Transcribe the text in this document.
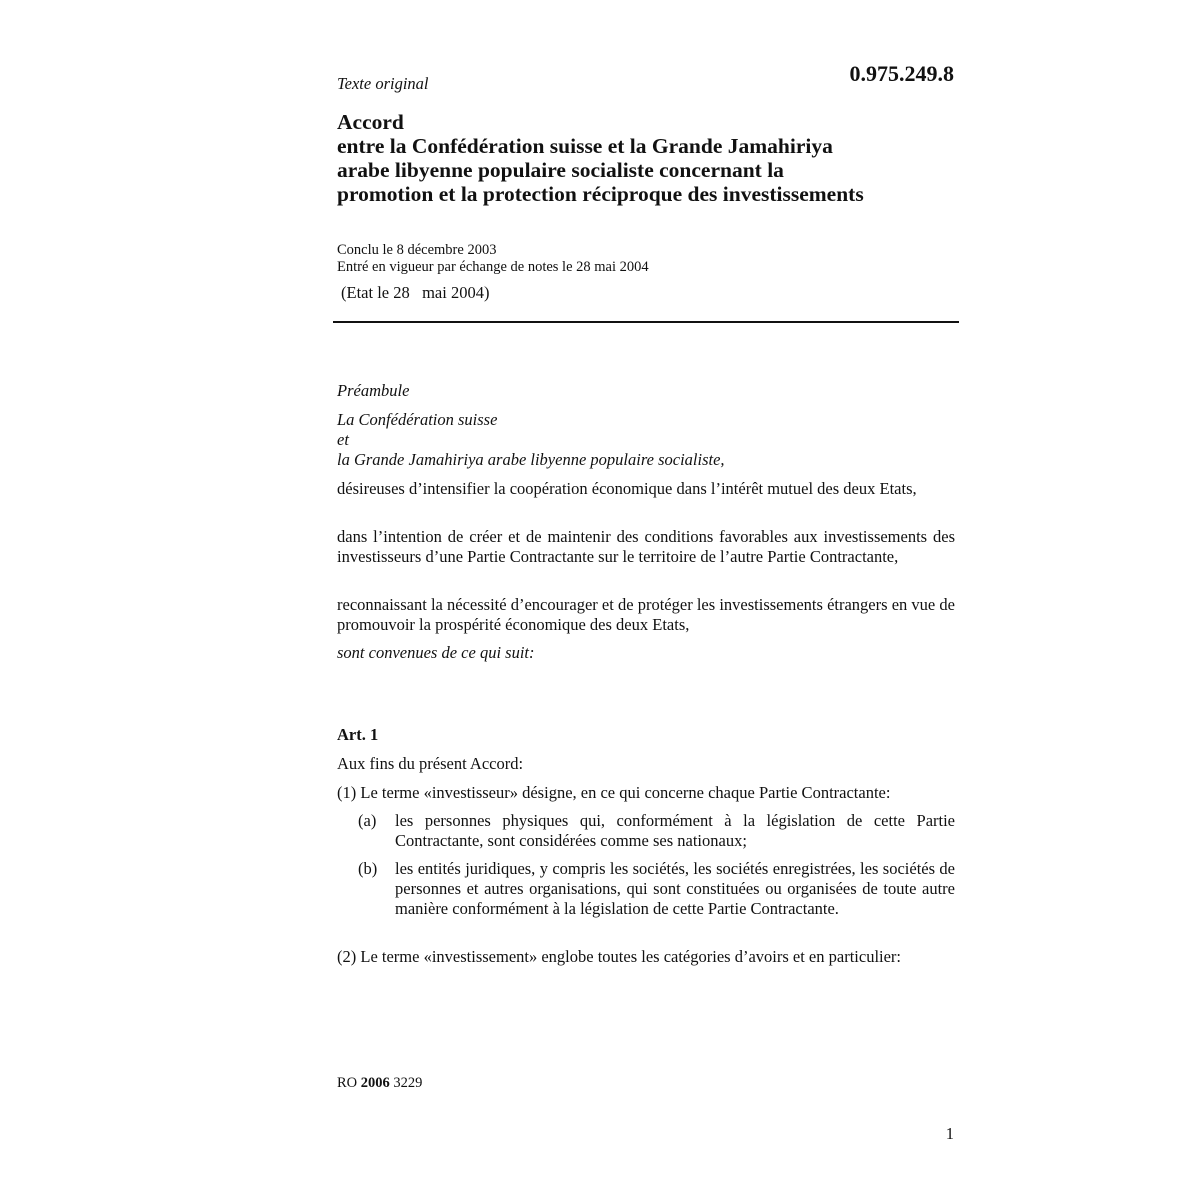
0.975.249.8
Texte original
Accord
entre la Confédération suisse et la Grande Jamahiriya
arabe libyenne populaire socialiste concernant la
promotion et la protection réciproque des investissements
Conclu le 8 décembre 2003
Entré en vigueur par échange de notes le 28 mai 2004
(Etat le 28   mai 2004)
Préambule
La Confédération suisse
et
la Grande Jamahiriya arabe libyenne populaire socialiste,
désireuses d’intensifier la coopération économique dans l’intérêt mutuel des deux Etats,
dans l’intention de créer et de maintenir des conditions favorables aux investissements des investisseurs d’une Partie Contractante sur le territoire de l’autre Partie Contractante,
reconnaissant la nécessité d’encourager et de protéger les investissements étrangers en vue de promouvoir la prospérité économique des deux Etats,
sont convenues de ce qui suit:
Art. 1
Aux fins du présent Accord:
(1) Le terme «investisseur» désigne, en ce qui concerne chaque Partie Contractante:
(a) les personnes physiques qui, conformément à la législation de cette Partie Contractante, sont considérées comme ses nationaux;
(b) les entités juridiques, y compris les sociétés, les sociétés enregistrées, les sociétés de personnes et autres organisations, qui sont constituées ou organisées de toute autre manière conformément à la législation de cette Partie Contractante.
(2) Le terme «investissement» englobe toutes les catégories d’avoirs et en particulier:
RO 2006 3229
1
